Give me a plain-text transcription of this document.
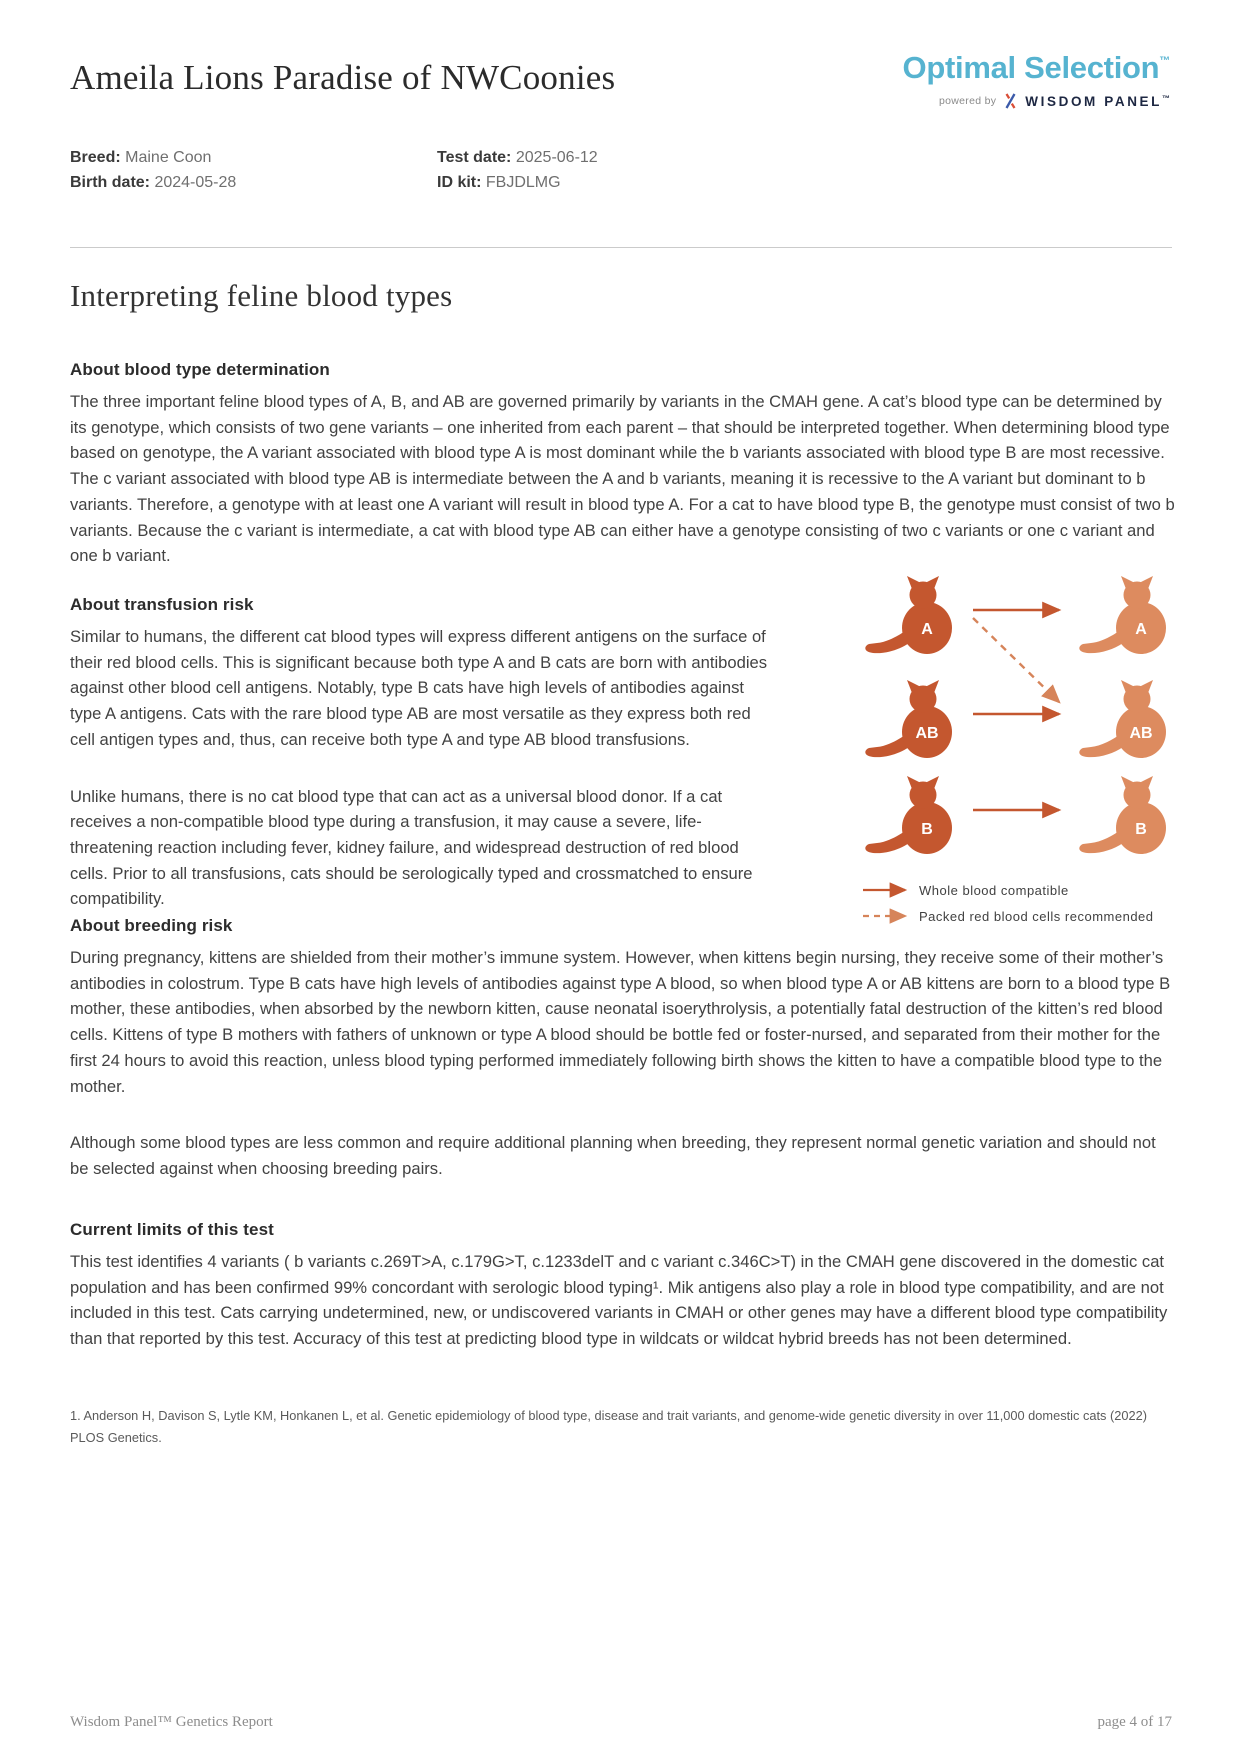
Ameila Lions Paradise of NWCoonies	Optimal Selection™
powered by WISDOM PANEL™
Breed: Maine Coon
Birth date: 2024-05-28
Test date: 2025-06-12
ID kit: FBJDLMG
Interpreting feline blood types
About blood type determination

The three important feline blood types of A, B, and AB are governed primarily by variants in the CMAH gene. A cat’s blood type can be determined by its genotype, which consists of two gene variants – one inherited from each parent – that should be interpreted together. When determining blood type based on genotype, the A variant associated with blood type A is most dominant while the b variants associated with blood type B are most recessive. The c variant associated with blood type AB is intermediate between the A and b variants, meaning it is recessive to the A variant but dominant to b variants. Therefore, a genotype with at least one A variant will result in blood type A. For a cat to have blood type B, the genotype must consist of two b variants. Because the c variant is intermediate, a cat with blood type AB can either have a genotype consisting of two c variants or one c variant and one b variant.

About transfusion risk

Similar to humans, the different cat blood types will express different antigens on the surface of their red blood cells. This is significant because both type A and B cats are born with antibodies against other blood cell antigens. Notably, type B cats have high levels of antibodies against type A antigens. Cats with the rare blood type AB are most versatile as they express both red cell antigen types and, thus, can receive both type A and type AB blood transfusions.

Unlike humans, there is no cat blood type that can act as a universal blood donor. If a cat receives a non-compatible blood type during a transfusion, it may cause a severe, life-threatening reaction including fever, kidney failure, and widespread destruction of red blood cells. Prior to all transfusions, cats should be serologically typed and crossmatched to ensure compatibility.

A	A
AB	AB
B	B
Whole blood compatible
Packed red blood cells recommended
About breeding risk

During pregnancy, kittens are shielded from their mother’s immune system. However, when kittens begin nursing, they receive some of their mother’s antibodies in colostrum. Type B cats have high levels of antibodies against type A blood, so when blood type A or AB kittens are born to a blood type B mother, these antibodies, when absorbed by the newborn kitten, cause neonatal isoerythrolysis, a potentially fatal destruction of the kitten’s red blood cells. Kittens of type B mothers with fathers of unknown or type A blood should be bottle fed or foster-nursed, and separated from their mother for the first 24 hours to avoid this reaction, unless blood typing performed immediately following birth shows the kitten to have a compatible blood type to the mother.

Although some blood types are less common and require additional planning when breeding, they represent normal genetic variation and should not be selected against when choosing breeding pairs.

Current limits of this test

This test identifies 4 variants ( b variants c.269T>A, c.179G>T, c.1233delT and c variant c.346C>T) in the CMAH gene discovered in the domestic cat population and has been confirmed 99% concordant with serologic blood typing¹. Mik antigens also play a role in blood type compatibility, and are not included in this test. Cats carrying undetermined, new, or undiscovered variants in CMAH or other genes may have a different blood type compatibility than that reported by this test. Accuracy of this test at predicting blood type in wildcats or wildcat hybrid breeds has not been determined.

1. Anderson H, Davison S, Lytle KM, Honkanen L, et al. Genetic epidemiology of blood type, disease and trait variants, and genome-wide genetic diversity in over 11,000 domestic cats (2022) PLOS Genetics.
Wisdom Panel™ Genetics Report	page 4 of 17
